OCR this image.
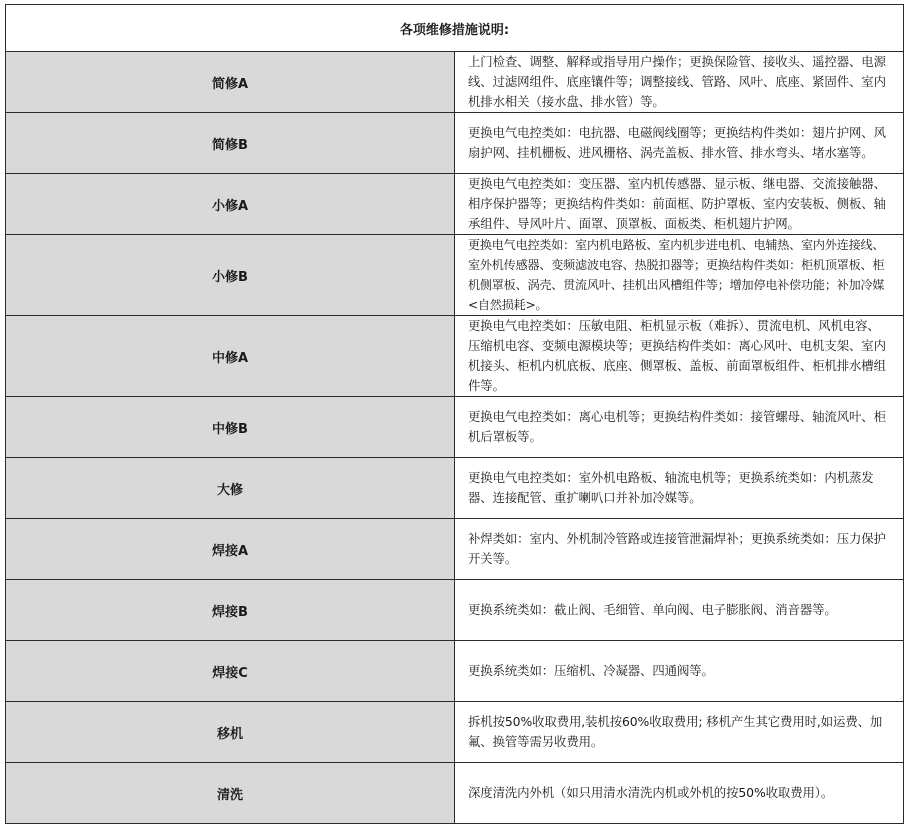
各项维修措施说明:	
简修A	上门检查、调整、解释或指导用户操作；更换保险管、接收头、遥控器、电源线、过滤网组件、底座镶件等；调整接线、管路、风叶、底座、紧固件、室内机排水相关（接水盘、排水管）等。
简修B	更换电气电控类如：电抗器、电磁阀线圈等；更换结构件类如：翅片护网、风扇护网、挂机栅板、进风栅格、涡壳盖板、排水管、排水弯头、堵水塞等。
小修A	更换电气电控类如：变压器、室内机传感器、显示板、继电器、交流接触器、相序保护器等；更换结构件类如：前面框、防护罩板、室内安装板、侧板、轴承组件、导风叶片、面罩、顶罩板、面板类、柜机翅片护网。
小修B	更换电气电控类如：室内机电路板、室内机步进电机、电辅热、室内外连接线、室外机传感器、变频滤波电容、热脱扣器等；更换结构件类如：柜机顶罩板、柜机侧罩板、涡壳、贯流风叶、挂机出风槽组件等；增加停电补偿功能；补加冷媒<自然损耗>。
中修A	更换电气电控类如：压敏电阻、柜机显示板（难拆）、贯流电机、风机电容、压缩机电容、变频电源模块等；更换结构件类如：离心风叶、电机支架、室内机接头、柜机内机底板、底座、侧罩板、盖板、前面罩板组件、柜机排水槽组件等。
中修B	更换电气电控类如：离心电机等；更换结构件类如：接管螺母、轴流风叶、柜机后罩板等。
大修	更换电气电控类如：室外机电路板、轴流电机等；更换系统类如：内机蒸发器、连接配管、重扩喇叭口并补加冷媒等。
焊接A	补焊类如：室内、外机制冷管路或连接管泄漏焊补；更换系统类如：压力保护开关等。
焊接B	更换系统类如：截止阀、毛细管、单向阀、电子膨胀阀、消音器等。
焊接C	更换系统类如：压缩机、冷凝器、四通阀等。
移机	拆机按50%收取费用,装机按60%收取费用; 移机产生其它费用时,如运费、加氟、换管等需另收费用。
清洗	深度清洗内外机（如只用清水清洗内机或外机的按50%收取费用）。
